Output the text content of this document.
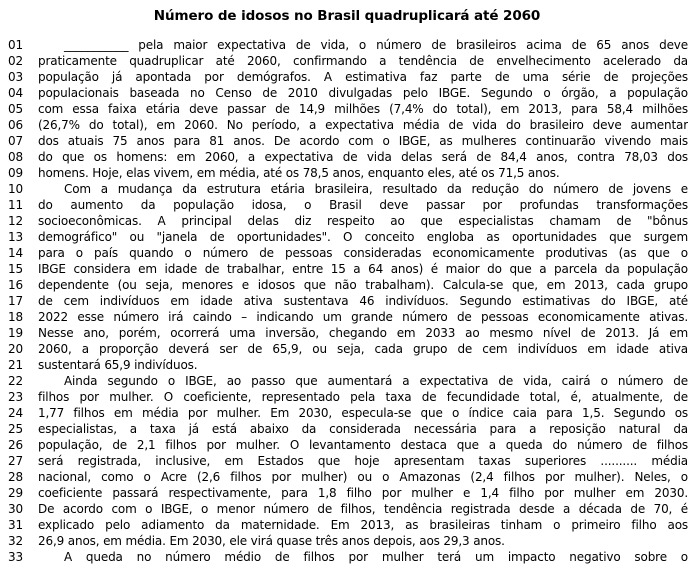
Número de idosos no Brasil quadruplicará até 2060
01	___________ pela maior expectativa de vida, o número de brasileiros acima de 65 anos deve
02	praticamente quadruplicar até 2060, confirmando a tendência de envelhecimento acelerado da
03	população já apontada por demógrafos. A estimativa faz parte de uma série de projeções
04	populacionais baseada no Censo de 2010 divulgadas pelo IBGE. Segundo o órgão, a população
05	com essa faixa etária deve passar de 14,9 milhões (7,4% do total), em 2013, para 58,4 milhões
06	(26,7% do total), em 2060. No período, a expectativa média de vida do brasileiro deve aumentar
07	dos atuais 75 anos para 81 anos. De acordo com o IBGE, as mulheres continuarão vivendo mais
08	do que os homens: em 2060, a expectativa de vida delas será de 84,4 anos, contra 78,03 dos
09	homens. Hoje, elas vivem, em média, até os 78,5 anos, enquanto eles, até os 71,5 anos.
10	Com a mudança da estrutura etária brasileira, resultado da redução do número de jovens e
11	do aumento da população idosa, o Brasil deve passar por profundas transformações
12	socioeconômicas. A principal delas diz respeito ao que especialistas chamam de "bônus
13	demográfico" ou "janela de oportunidades". O conceito engloba as oportunidades que surgem
14	para o país quando o número de pessoas consideradas economicamente produtivas (as que o
15	IBGE considera em idade de trabalhar, entre 15 a 64 anos) é maior do que a parcela da população
16	dependente (ou seja, menores e idosos que não trabalham). Calcula-se que, em 2013, cada grupo
17	de cem indivíduos em idade ativa sustentava 46 indivíduos. Segundo estimativas do IBGE, até
18	2022 esse número irá caindo – indicando um grande número de pessoas economicamente ativas.
19	Nesse ano, porém, ocorrerá uma inversão, chegando em 2033 ao mesmo nível de 2013. Já em
20	2060, a proporção deverá ser de 65,9, ou seja, cada grupo de cem indivíduos em idade ativa
21	sustentará 65,9 indivíduos.
22	Ainda segundo o IBGE, ao passo que aumentará a expectativa de vida, cairá o número de
23	filhos por mulher. O coeficiente, representado pela taxa de fecundidade total, é, atualmente, de
24	1,77 filhos em média por mulher. Em 2030, especula-se que o índice caia para 1,5. Segundo os
25	especialistas, a taxa já está abaixo da considerada necessária para a reposição natural da
26	população, de 2,1 filhos por mulher. O levantamento destaca que a queda do número de filhos
27	será registrada, inclusive, em Estados que hoje apresentam taxas superiores .......... média
28	nacional, como o Acre (2,6 filhos por mulher) ou o Amazonas (2,4 filhos por mulher). Neles, o
29	coeficiente passará respectivamente, para 1,8 filho por mulher e 1,4 filho por mulher em 2030.
30	De acordo com o IBGE, o menor número de filhos, tendência registrada desde a década de 70, é
31	explicado pelo adiamento da maternidade. Em 2013, as brasileiras tinham o primeiro filho aos
32	26,9 anos, em média. Em 2030, ele virá quase três anos depois, aos 29,3 anos.
33	A queda no número médio de filhos por mulher terá um impacto negativo sobre o
